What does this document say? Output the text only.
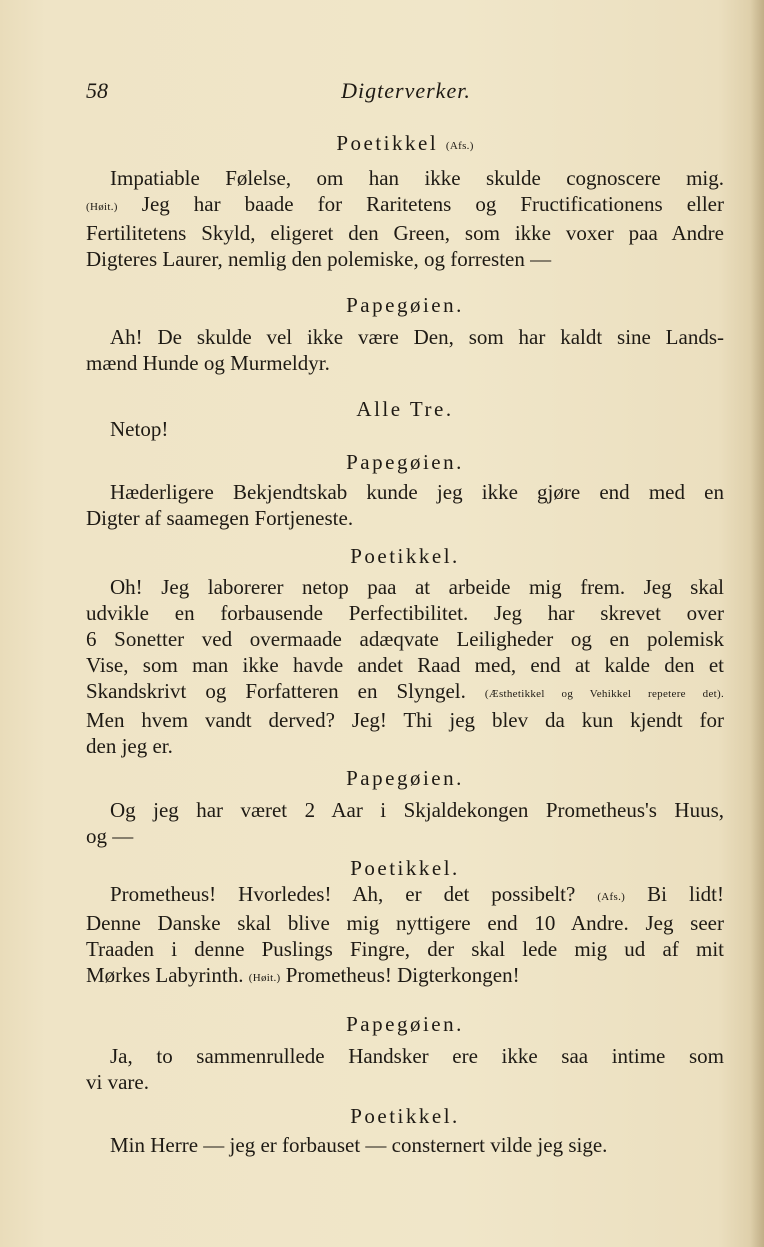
58	Digterverker.
Poetikkel (Afs.)
Impatiable Følelse, om han ikke skulde cognoscere mig.
(Høit.) Jeg har baade for Raritetens og Fructificationens eller
Fertilitetens Skyld, eligeret den Green, som ikke voxer paa Andre
Digteres Laurer, nemlig den polemiske, og forresten —
Papegøien.
Ah! De skulde vel ikke være Den, som har kaldt sine Lands-
mænd Hunde og Murmeldyr.
Alle Tre.
Netop!
Papegøien.
Hæderligere Bekjendtskab kunde jeg ikke gjøre end med en
Digter af saamegen Fortjeneste.
Poetikkel.
Oh! Jeg laborerer netop paa at arbeide mig frem. Jeg skal
udvikle en forbausende Perfectibilitet. Jeg har skrevet over
6 Sonetter ved overmaade adæqvate Leiligheder og en polemisk
Vise, som man ikke havde andet Raad med, end at kalde den et
Skandskrivt og Forfatteren en Slyngel. (Æsthetikkel og Vehikkel repetere det).
Men hvem vandt derved? Jeg! Thi jeg blev da kun kjendt for
den jeg er.
Papegøien.
Og jeg har været 2 Aar i Skjaldekongen Prometheus's Huus,
og —
Poetikkel.
Prometheus! Hvorledes! Ah, er det possibelt? (Afs.) Bi lidt!
Denne Danske skal blive mig nyttigere end 10 Andre. Jeg seer
Traaden i denne Puslings Fingre, der skal lede mig ud af mit
Mørkes Labyrinth. (Høit.) Prometheus! Digterkongen!
Papegøien.
Ja, to sammenrullede Handsker ere ikke saa intime som
vi vare.
Poetikkel.
Min Herre — jeg er forbauset — consternert vilde jeg sige.
